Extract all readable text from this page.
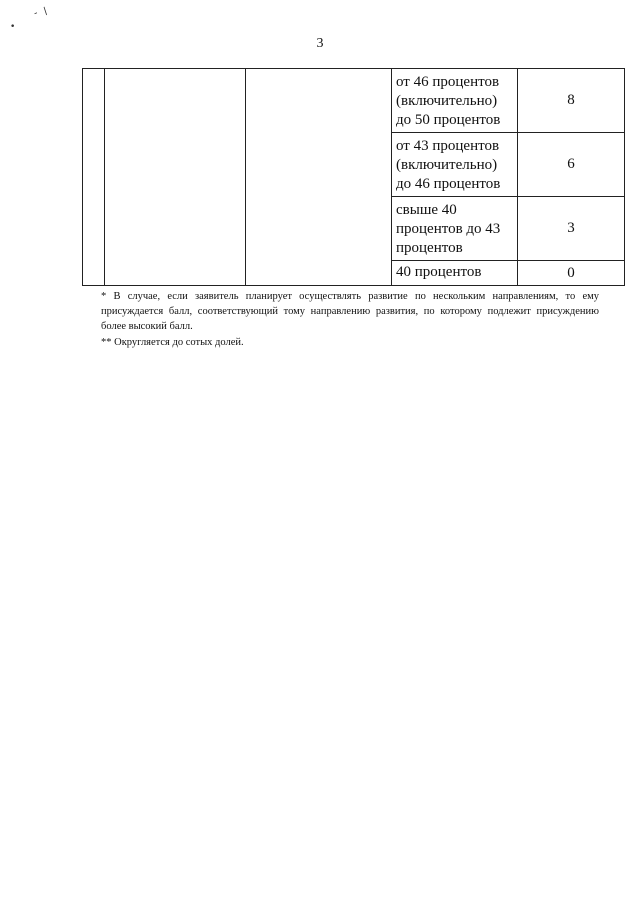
•
- /
3
			от 46 процентов (включительно) до 50 процентов	8
			от 43 процентов (включительно) до 46 процентов	6
			свыше 40 процентов до 43 процентов	3
			40 процентов	0

* В случае, если заявитель планирует осуществлять развитие по нескольким направлениям, то ему присуждается балл, соответствующий тому направлению развития, по которому подлежит присуждению более высокий балл.

** Округляется до сотых долей.
